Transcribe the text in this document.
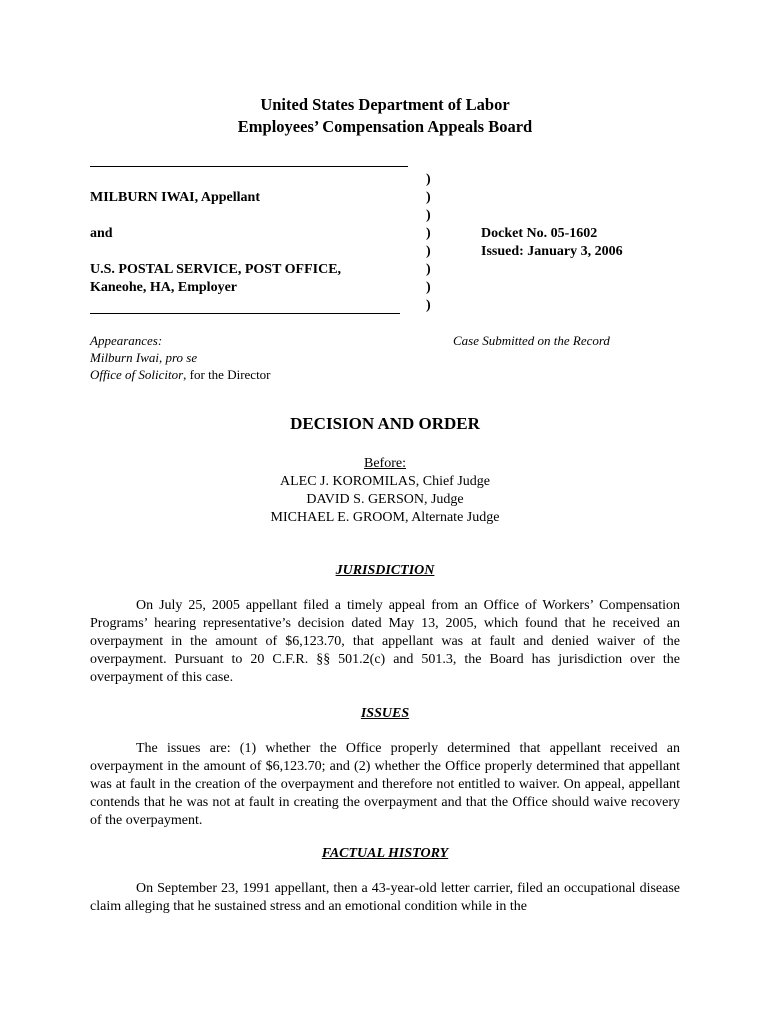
United States Department of Labor
Employees’ Compensation Appeals Board
MILBURN IWAI, Appellant
and
U.S. POSTAL SERVICE, POST OFFICE,
Kaneohe, HA, Employer
)
)
)
)
)
)
)
)
Docket No. 05-1602
Issued: January 3, 2006
Appearances:
Milburn Iwai, pro se
Office of Solicitor, for the Director
Case Submitted on the Record
DECISION AND ORDER
Before:
ALEC J. KOROMILAS, Chief Judge
DAVID S. GERSON, Judge
MICHAEL E. GROOM, Alternate Judge
JURISDICTION
On July 25, 2005 appellant filed a timely appeal from an Office of Workers’ Compensation Programs’ hearing representative’s decision dated May 13, 2005, which found that he received an overpayment in the amount of $6,123.70, that appellant was at fault and denied waiver of the overpayment. Pursuant to 20 C.F.R. §§ 501.2(c) and 501.3, the Board has jurisdiction over the overpayment of this case.
ISSUES
The issues are: (1) whether the Office properly determined that appellant received an overpayment in the amount of $6,123.70; and (2) whether the Office properly determined that appellant was at fault in the creation of the overpayment and therefore not entitled to waiver. On appeal, appellant contends that he was not at fault in creating the overpayment and that the Office should waive recovery of the overpayment.
FACTUAL HISTORY
On September 23, 1991 appellant, then a 43-year-old letter carrier, filed an occupational disease claim alleging that he sustained stress and an emotional condition while in the
